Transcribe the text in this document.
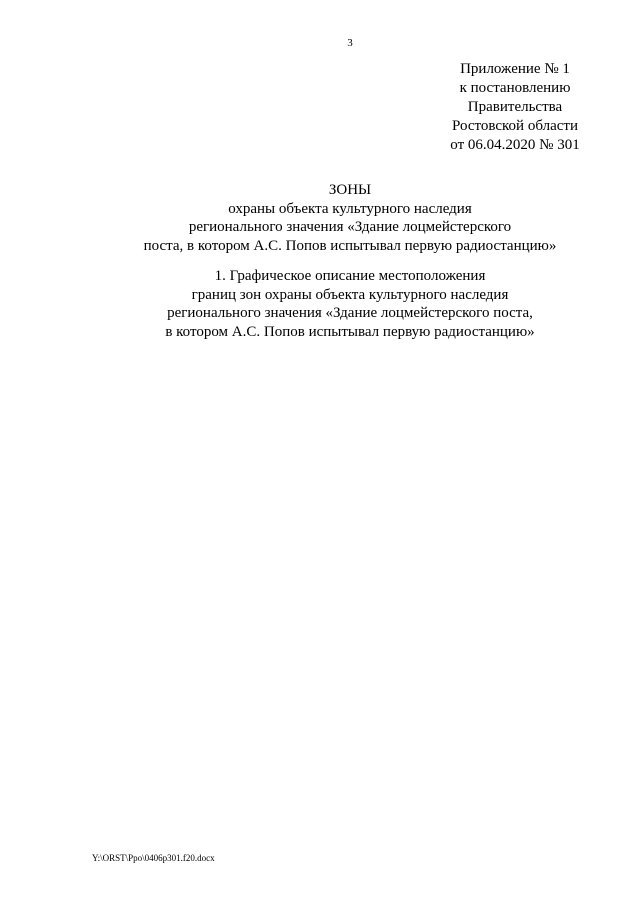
3
Приложение № 1
к постановлению
Правительства
Ростовской области
от 06.04.2020 № 301
ЗОНЫ
охраны объекта культурного наследия
регионального значения «Здание лоцмейстерского
поста, в котором А.С. Попов испытывал первую радиостанцию»
1. Графическое описание местоположения
границ зон охраны объекта культурного наследия
регионального значения «Здание лоцмейстерского поста,
в котором А.С. Попов испытывал первую радиостанцию»
Y:\ORST\Ppo\0406p301.f20.docx
